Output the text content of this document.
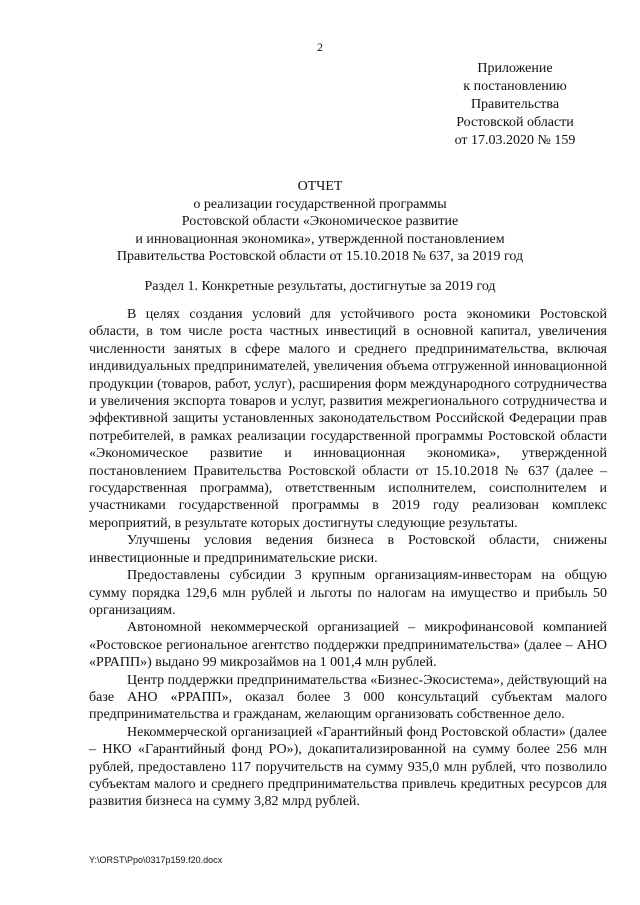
2
Приложение
к постановлению
Правительства
Ростовской области
от 17.03.2020 № 159
ОТЧЕТ
о реализации государственной программы
Ростовской области «Экономическое развитие
и инновационная экономика», утвержденной постановлением
Правительства Ростовской области от 15.10.2018 № 637, за 2019 год
Раздел 1. Конкретные результаты, достигнутые за 2019 год

В целях создания условий для устойчивого роста экономики Ростовской области, в том числе роста частных инвестиций в основной капитал, увеличения численности занятых в сфере малого и среднего предпринимательства, включая индивидуальных предпринимателей, увеличения объема отгруженной инновационной продукции (товаров, работ, услуг), расширения форм международного сотрудничества и увеличения экспорта товаров и услуг, развития межрегионального сотрудничества и эффективной защиты установленных законодательством Российской Федерации прав потребителей, в рамках реализации государственной программы Ростовской области «Экономическое развитие и инновационная экономика», утвержденной постановлением Правительства Ростовской области от 15.10.2018 № 637 (далее – государственная программа), ответственным исполнителем, соисполнителем и участниками государственной программы в 2019 году реализован комплекс мероприятий, в результате которых достигнуты следующие результаты.

Улучшены условия ведения бизнеса в Ростовской области, снижены инвестиционные и предпринимательские риски.

Предоставлены субсидии 3 крупным организациям-инвесторам на общую сумму порядка 129,6 млн рублей и льготы по налогам на имущество и прибыль 50 организациям.

Автономной некоммерческой организацией – микрофинансовой компанией «Ростовское региональное агентство поддержки предпринимательства» (далее – АНО «РРАПП») выдано 99 микрозаймов на 1 001,4 млн рублей.

Центр поддержки предпринимательства «Бизнес-Экосистема», действующий на базе АНО «РРАПП», оказал более 3 000 консультаций субъектам малого предпринимательства и гражданам, желающим организовать собственное дело.

Некоммерческой организацией «Гарантийный фонд Ростовской области» (далее – НКО «Гарантийный фонд РО»), докапитализированной на сумму более 256 млн рублей, предоставлено 117 поручительств на сумму 935,0 млн рублей, что позволило субъектам малого и среднего предпринимательства привлечь кредитных ресурсов для развития бизнеса на сумму 3,82 млрд рублей.

Y:\ORST\Ppo\0317p159.f20.docx
